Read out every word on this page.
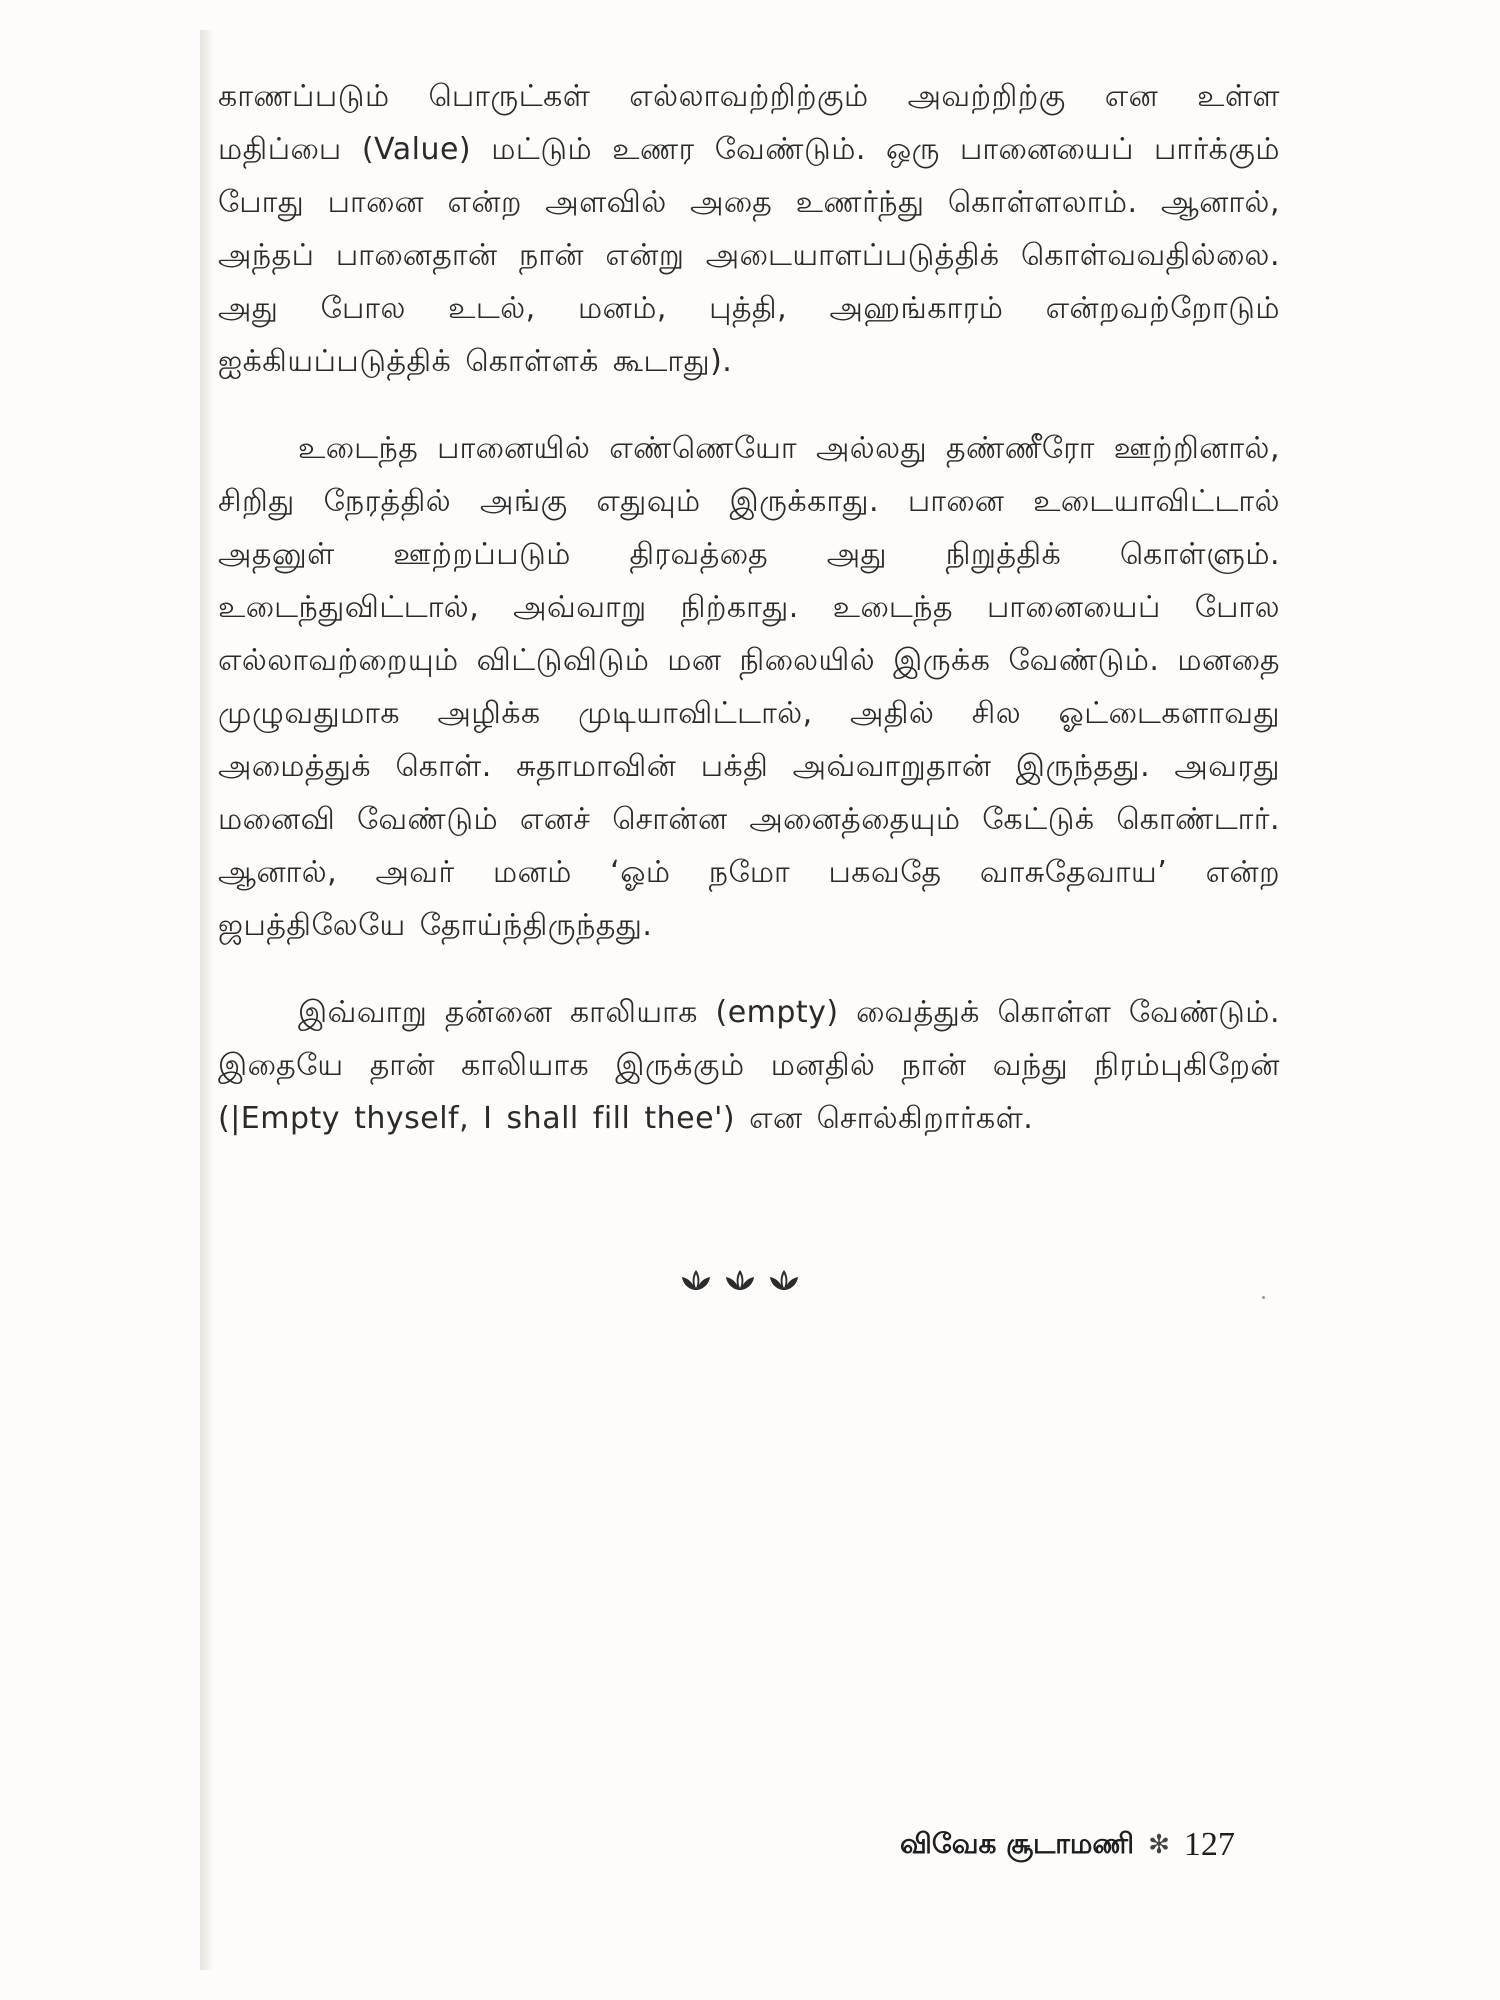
காணப்படும் பொருட்கள் எல்லாவற்றிற்கும் அவற்றிற்கு என உள்ள மதிப்பை (Value) மட்டும் உணர வேண்டும். ஒரு பானையைப் பார்க்கும் போது பானை என்ற அளவில் அதை உணர்ந்து கொள்ளலாம். ஆனால், அந்தப் பானைதான் நான் என்று அடையாளப்படுத்திக் கொள்வவதில்லை. அது போல உடல், மனம், புத்தி, அஹங்காரம் என்றவற்றோடும் ஐக்கியப்படுத்திக் கொள்ளக் கூடாது).

உடைந்த பானையில் எண்ணெயோ அல்லது தண்ணீரோ ஊற்றினால், சிறிது நேரத்தில் அங்கு எதுவும் இருக்காது. பானை உடையாவிட்டால் அதனுள் ஊற்றப்படும் திரவத்தை அது நிறுத்திக் கொள்ளும். உடைந்துவிட்டால், அவ்வாறு நிற்காது. உடைந்த பானையைப் போல எல்லாவற்றையும் விட்டுவிடும் மன நிலையில் இருக்க வேண்டும். மனதை முழுவதுமாக அழிக்க முடியாவிட்டால், அதில் சில ஓட்டைகளாவது அமைத்துக் கொள். சுதாமாவின் பக்தி அவ்வாறுதான் இருந்தது. அவரது மனைவி வேண்டும் எனச் சொன்ன அனைத்தையும் கேட்டுக் கொண்டார். ஆனால், அவர் மனம் ‘ஓம் நமோ பகவதே வாசுதேவாய’ என்ற ஜபத்திலேயே தோய்ந்திருந்தது.

இவ்வாறு தன்னை காலியாக (empty) வைத்துக் கொள்ள வேண்டும். இதையே தான் காலியாக இருக்கும் மனதில் நான் வந்து நிரம்புகிறேன் (|Empty thyself, I shall fill thee') என சொல்கிறார்கள்.

விவேக சூடாமணி ✻ 127
